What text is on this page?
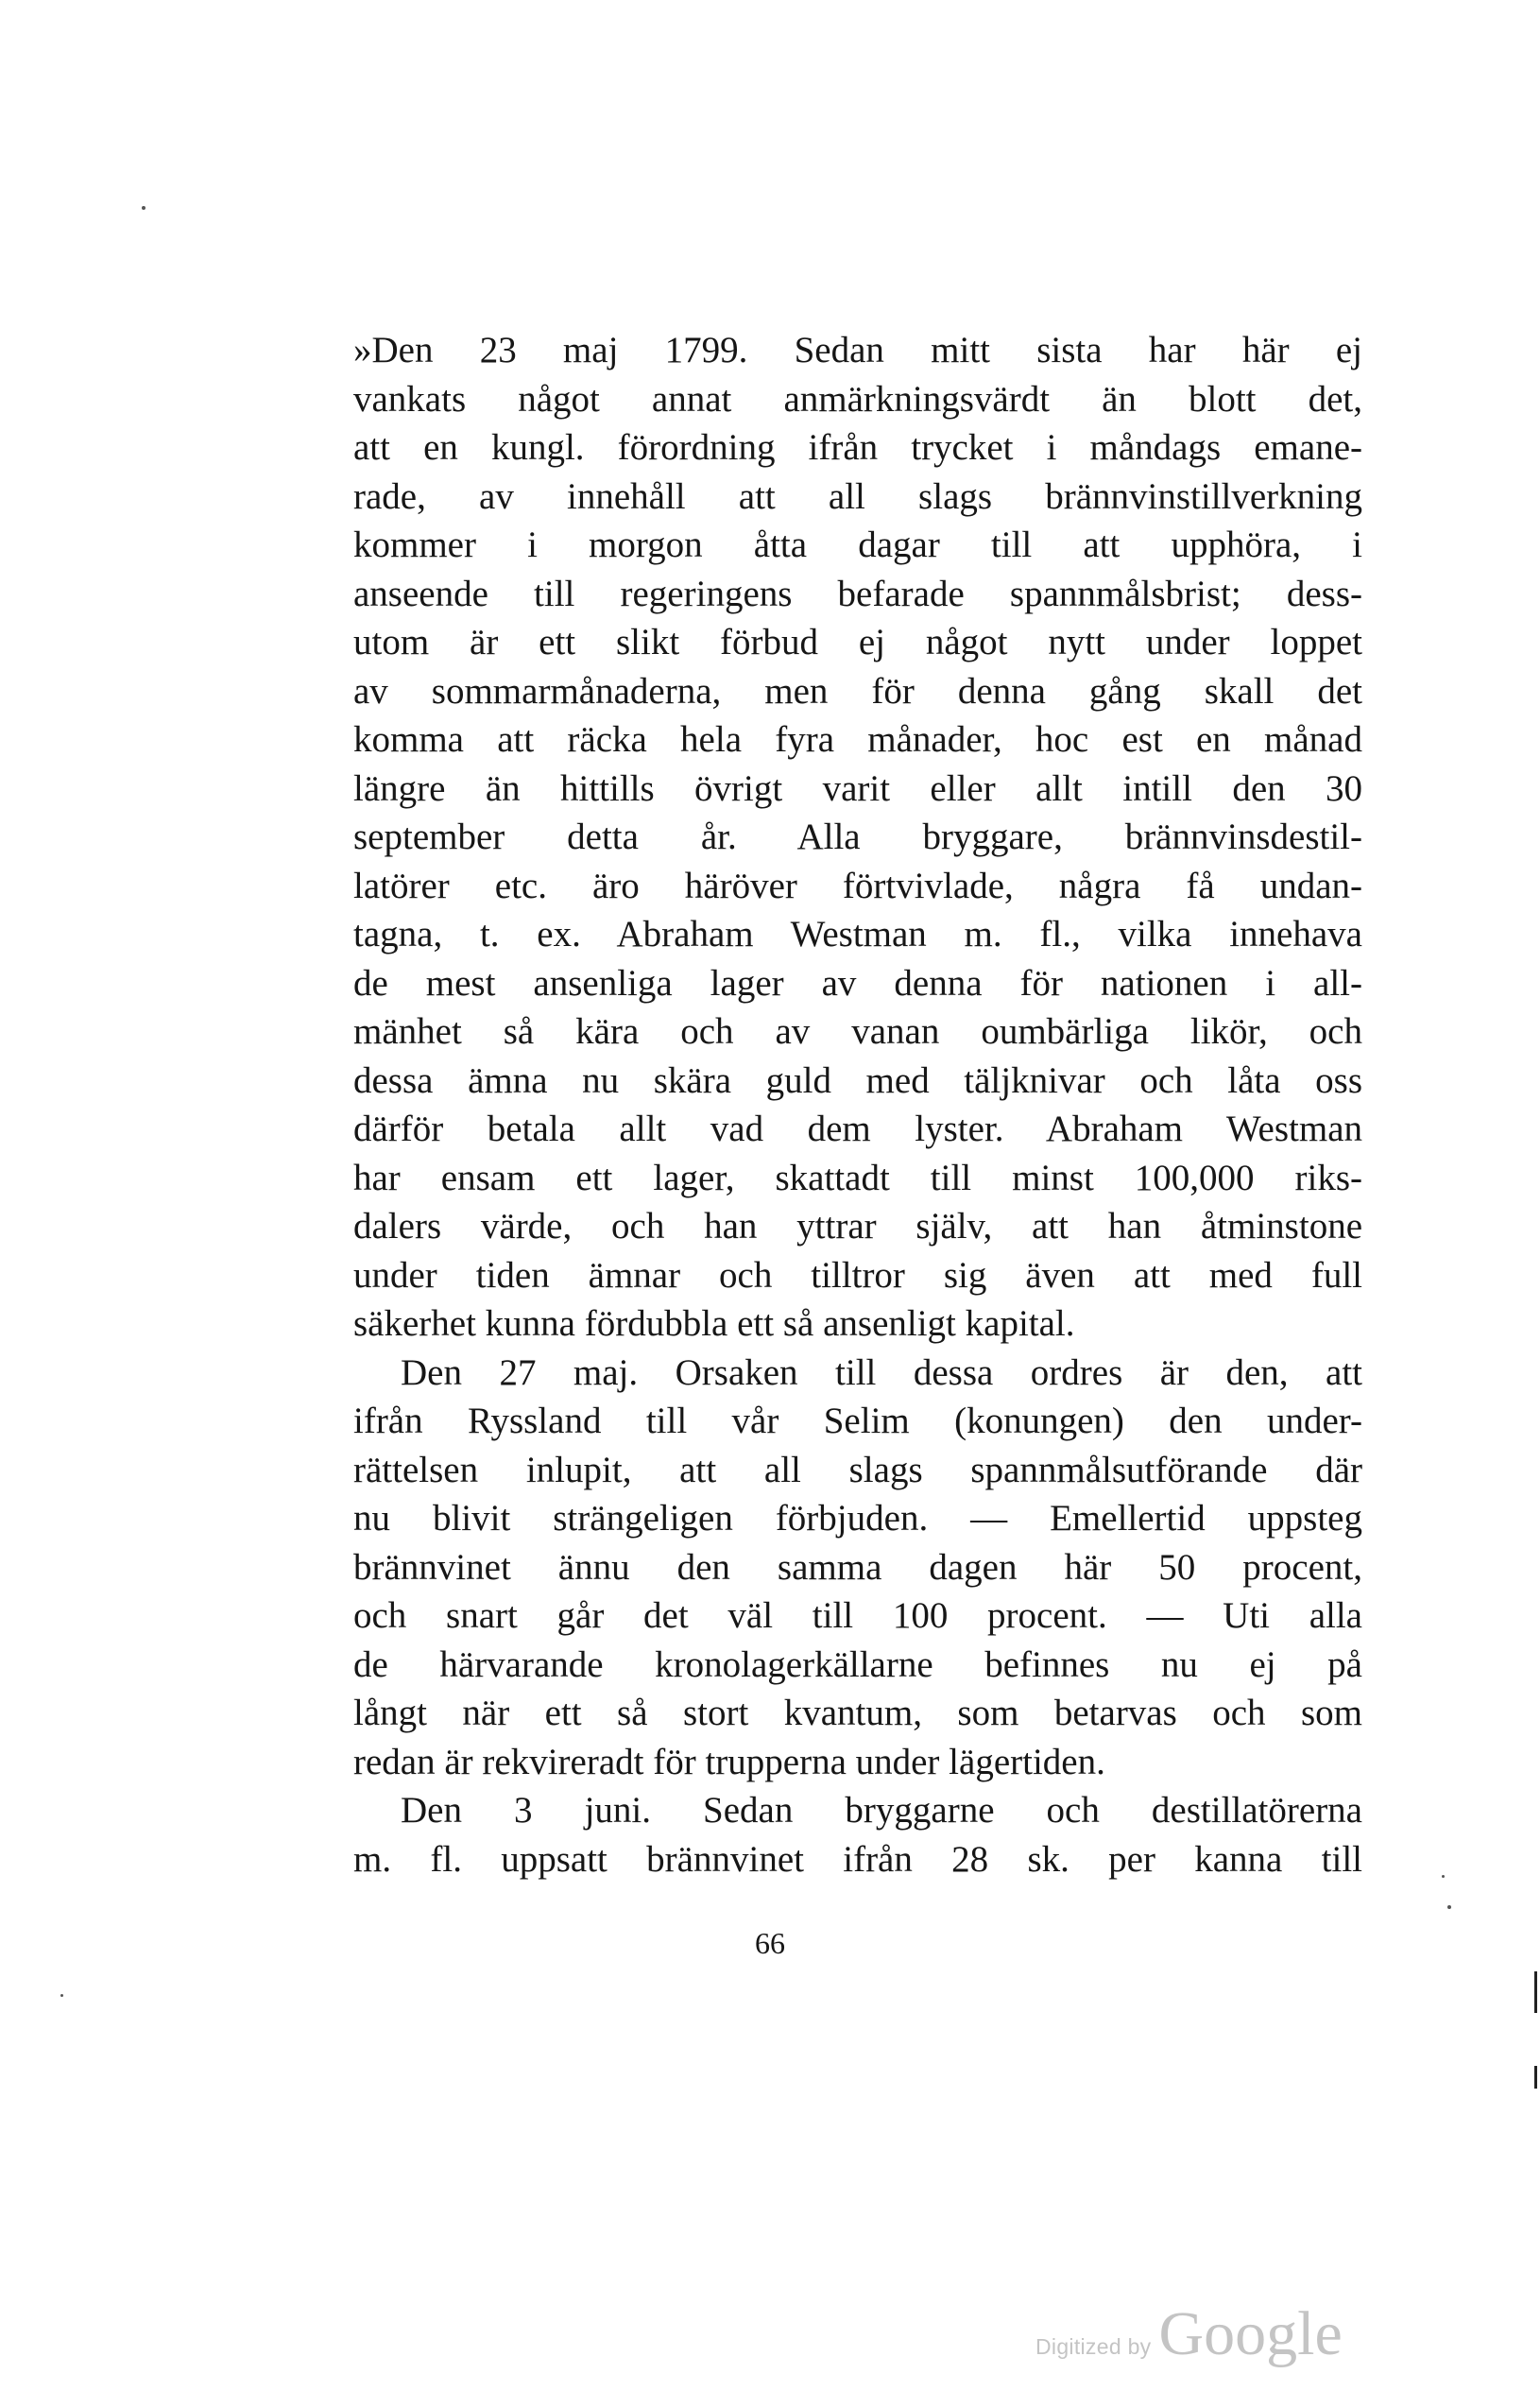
»Den 23 maj 1799. Sedan mitt sista har här ej
vankats något annat anmärkningsvärdt än blott det,
att en kungl. förordning ifrån trycket i måndags emane-
rade, av innehåll att all slags brännvinstillverkning
kommer i morgon åtta dagar till att upphöra, i
anseende till regeringens befarade spannmålsbrist; dess-
utom är ett slikt förbud ej något nytt under loppet
av sommarmånaderna, men för denna gång skall det
komma att räcka hela fyra månader, hoc est en månad
längre än hittills övrigt varit eller allt intill den 30
september detta år. Alla bryggare, brännvinsdestil-
latörer etc. äro häröver förtvivlade, några få undan-
tagna, t. ex. Abraham Westman m. fl., vilka innehava
de mest ansenliga lager av denna för nationen i all-
mänhet så kära och av vanan oumbärliga likör, och
dessa ämna nu skära guld med täljknivar och låta oss
därför betala allt vad dem lyster. Abraham Westman
har ensam ett lager, skattadt till minst 100,000 riks-
dalers värde, och han yttrar själv, att han åtminstone
under tiden ämnar och tilltror sig även att med full
säkerhet kunna fördubbla ett så ansenligt kapital.
Den 27 maj. Orsaken till dessa ordres är den, att
ifrån Ryssland till vår Selim (konungen) den under-
rättelsen inlupit, att all slags spannmålsutförande där
nu blivit strängeligen förbjuden. — Emellertid uppsteg
brännvinet ännu den samma dagen här 50 procent,
och snart går det väl till 100 procent. — Uti alla
de härvarande kronolagerkällarne befinnes nu ej på
långt när ett så stort kvantum, som betarvas och som
redan är rekvireradt för trupperna under lägertiden.
Den 3 juni. Sedan bryggarne och destillatörerna
m. fl. uppsatt brännvinet ifrån 28 sk. per kanna till
66
Digitized by Google
